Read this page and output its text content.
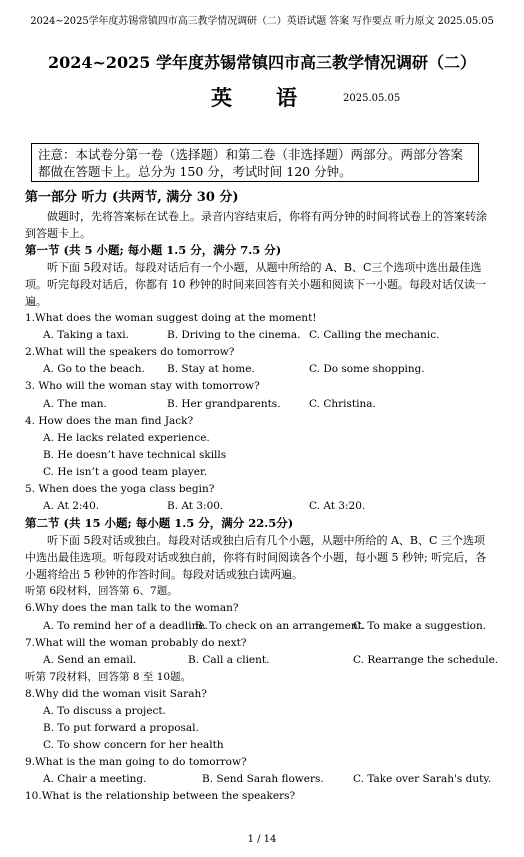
2024~2025学年度苏锡常镇四市高三教学情况调研（二）英语试题 答案 写作要点 听力原文 2025.05.05
2024~2025 学年度苏锡常镇四市高三教学情况调研（二）
英语 2025.05.05
注意：本试卷分第一卷（选择题）和第二卷（非选择题）两部分。两部分答案都做在答题卡上。总分为 150 分，考试时间 120 分钟。
第一部分 听力 (共两节, 满分 30 分)
做题时，先将答案标在试卷上。录音内容结束后，你将有两分钟的时间将试卷上的答案转涂到答题卡上。
第一节 (共 5 小题; 每小题 1.5 分，满分 7.5 分)
听下面 5段对话。每段对话后有一个小题，从题中所给的 A、B、C三个选项中选出最佳选项。听完每段对话后，你都有 10 秒钟的时间来回答有关小题和阅读下一小题。每段对话仅读一遍。
1.What does the woman suggest doing at the moment!
A. Taking a taxi.	B. Driving to the cinema. C. Calling the mechanic.
2.What will the speakers do tomorrow?
A. Go to the beach. B. Stay at home.	C. Do some shopping.
3. Who will the woman stay with tomorrow?
A. The man.	B. Her grandparents.	C. Christina.
4. How does the man find Jack?
A. He lacks related experience.
B. He doesn’t have technical skills
C. He isn’t a good team player.
5. When does the yoga class begin?
A. At 2:40.	B. At 3:00.	C. At 3:20.
第二节 (共 15 小题; 每小题 1.5 分，满分 22.5分)
听下面 5段对话或独白。每段对话或独白后有几个小题，从题中所给的 A、B、C 三个选项中选出最佳选项。听每段对话或独白前，你将有时间阅读各个小题，每小题 5 秒钟; 听完后，各小题将给出 5 秒钟的作答时间。每段对话或独白读两遍。
听第 6段材料，回答第 6、7题。
6.Why does the man talk to the woman?
A. To remind her of a deadline.
B. To check on an arrangement.
C. To make a suggestion.
7.What will the woman probably do next?
A. Send an email.	B. Call a client.	C. Rearrange the schedule.
听第 7段材料，回答第 8 至 10题。
8.Why did the woman visit Sarah?
A. To discuss a project.
B. To put forward a proposal.
C. To show concern for her health
9.What is the man going to do tomorrow?
A. Chair a meeting.	B. Send Sarah flowers.	C. Take over Sarah's duty.
10.What is the relationship between the speakers?
1 / 14
